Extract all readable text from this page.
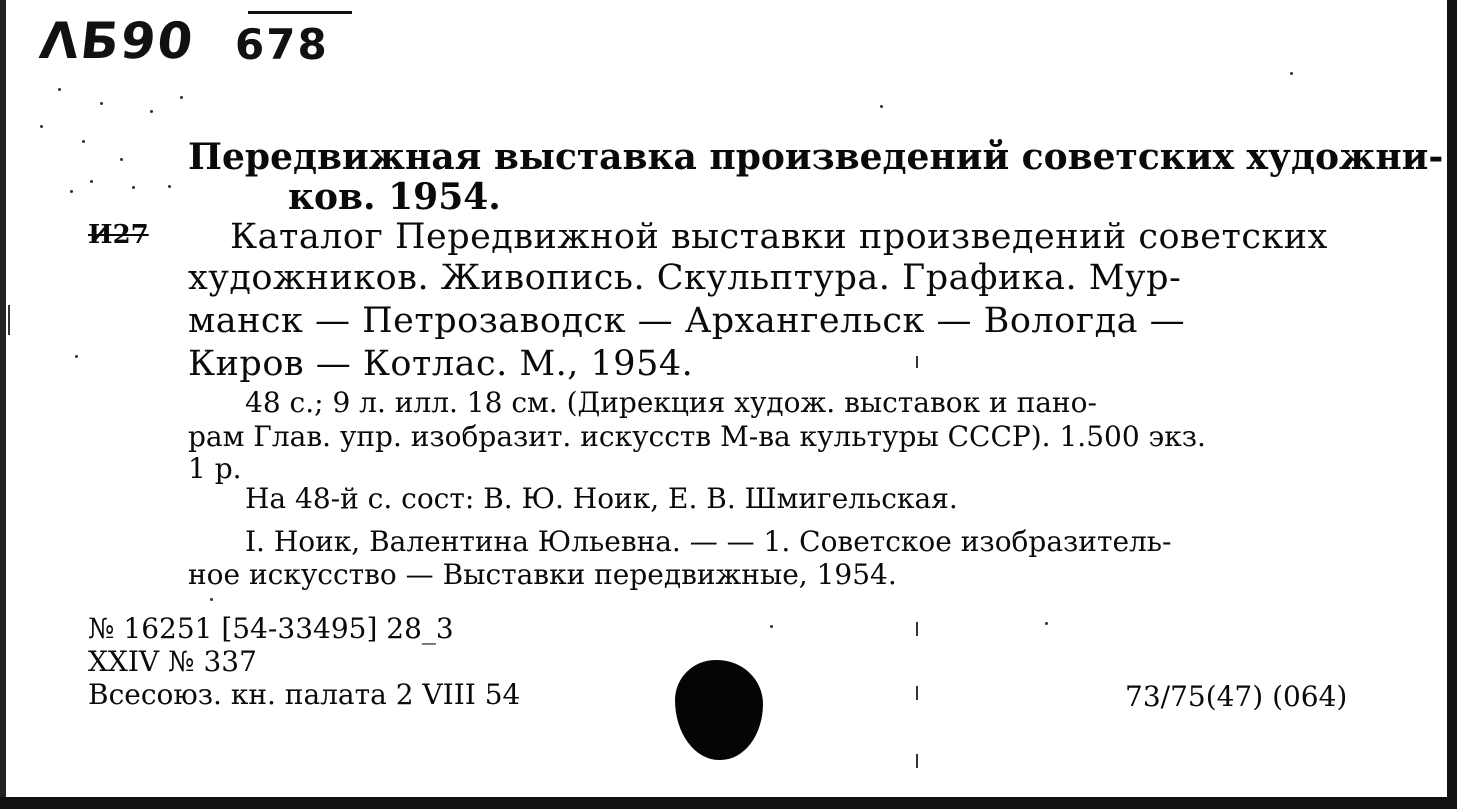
ΛБ90 678
И27
Передвижная выставка произведений советских художни-
ков. 1954.
Каталог Передвижной выставки произведений советских
художников. Живопись. Скульптура. Графика. Мур-
манск — Петрозаводск — Архангельск — Вологда —
Киров — Котлас. М., 1954.
48 с.; 9 л. илл. 18 см. (Дирекция худож. выставок и пано-
рам Глав. упр. изобразит. искусств М-ва культуры СССР). 1.500 экз.
1 р.
На 48-й с. сост: В. Ю. Ноик, Е. В. Шмигельская.
I. Ноик, Валентина Юльевна. — — 1. Советское изобразитель-
ное искусство — Выставки передвижные, 1954.
№ 16251 [54-33495] 28_3
XXIV № 337
Всесоюз. кн. палата 2 VIII 54	73/75(47) (064)
